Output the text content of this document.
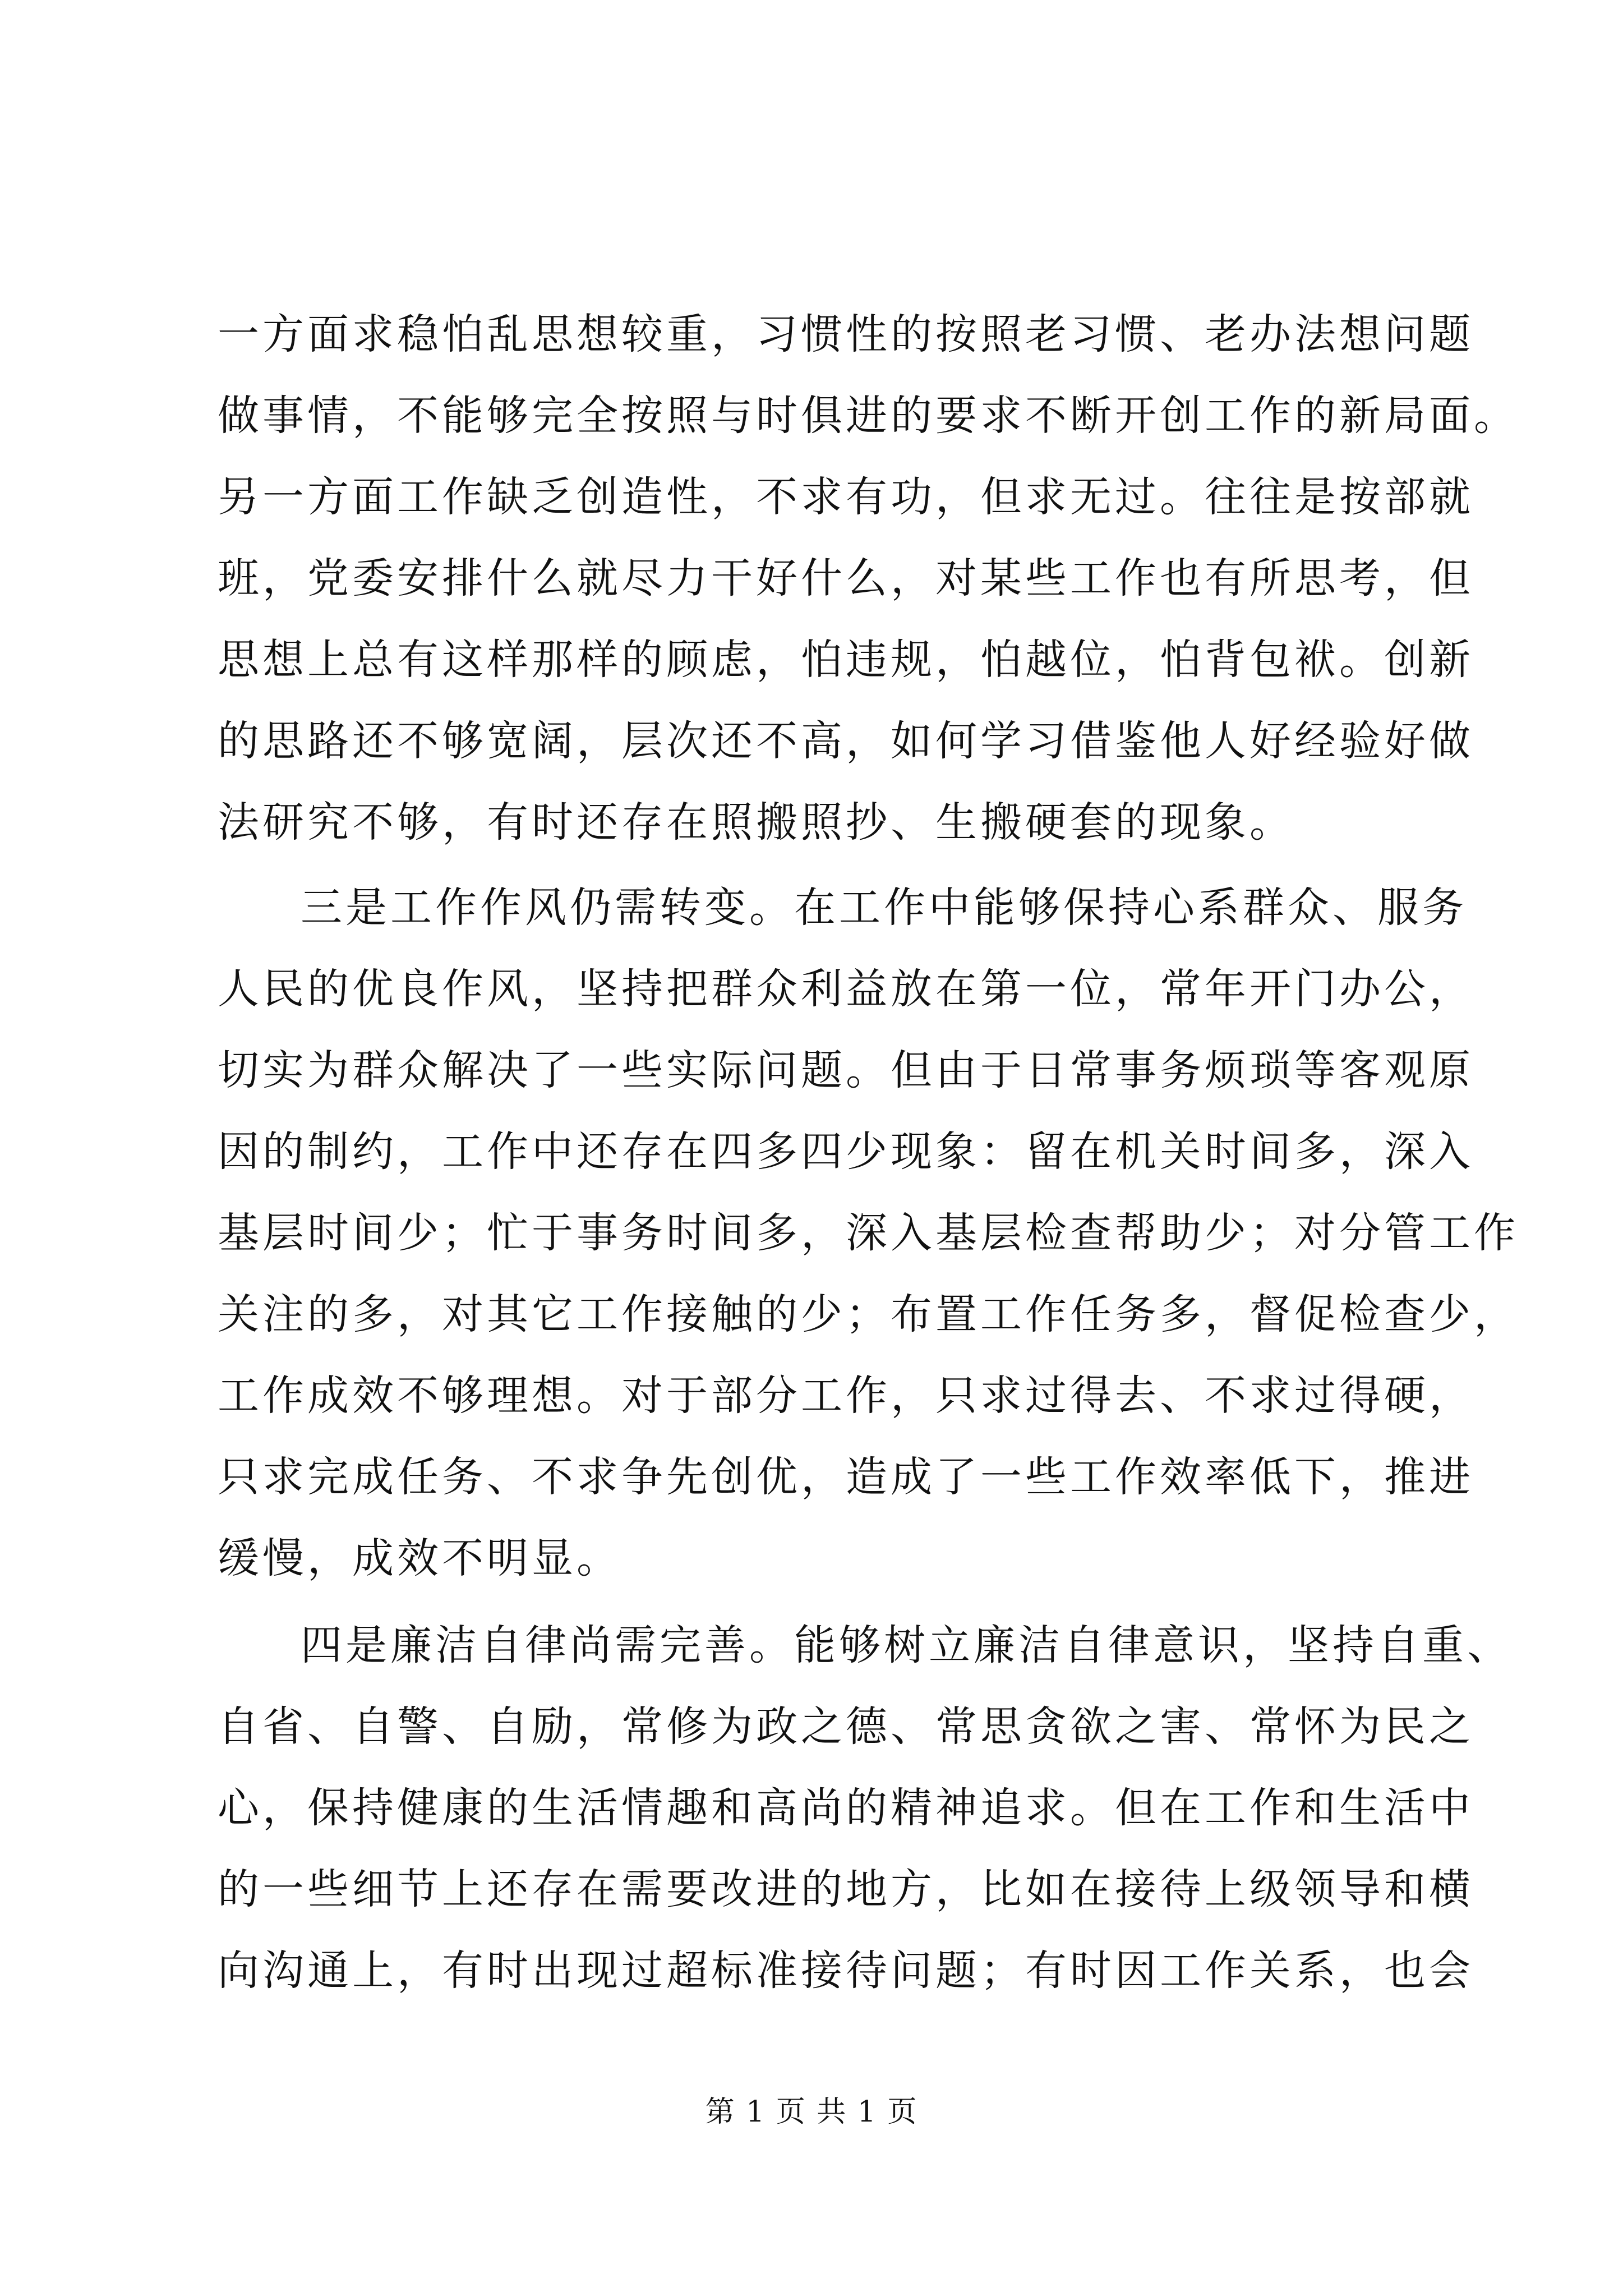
一方面求稳怕乱思想较重，习惯性的按照老习惯、老办法想问题
做事情，不能够完全按照与时俱进的要求不断开创工作的新局面。
另一方面工作缺乏创造性，不求有功，但求无过。往往是按部就
班，党委安排什么就尽力干好什么，对某些工作也有所思考，但
思想上总有这样那样的顾虑，怕违规，怕越位，怕背包袱。创新
的思路还不够宽阔，层次还不高，如何学习借鉴他人好经验好做
法研究不够，有时还存在照搬照抄、生搬硬套的现象。
三是工作作风仍需转变。在工作中能够保持心系群众、服务
人民的优良作风，坚持把群众利益放在第一位，常年开门办公，
切实为群众解决了一些实际问题。但由于日常事务烦琐等客观原
因的制约，工作中还存在四多四少现象：留在机关时间多，深入
基层时间少；忙于事务时间多，深入基层检查帮助少；对分管工作
关注的多，对其它工作接触的少；布置工作任务多，督促检查少，
工作成效不够理想。对于部分工作，只求过得去、不求过得硬，
只求完成任务、不求争先创优，造成了一些工作效率低下，推进
缓慢，成效不明显。
四是廉洁自律尚需完善。能够树立廉洁自律意识，坚持自重、
自省、自警、自励，常修为政之德、常思贪欲之害、常怀为民之
心，保持健康的生活情趣和高尚的精神追求。但在工作和生活中
的一些细节上还存在需要改进的地方，比如在接待上级领导和横
向沟通上，有时出现过超标准接待问题；有时因工作关系，也会
第 1 页 共 1 页
